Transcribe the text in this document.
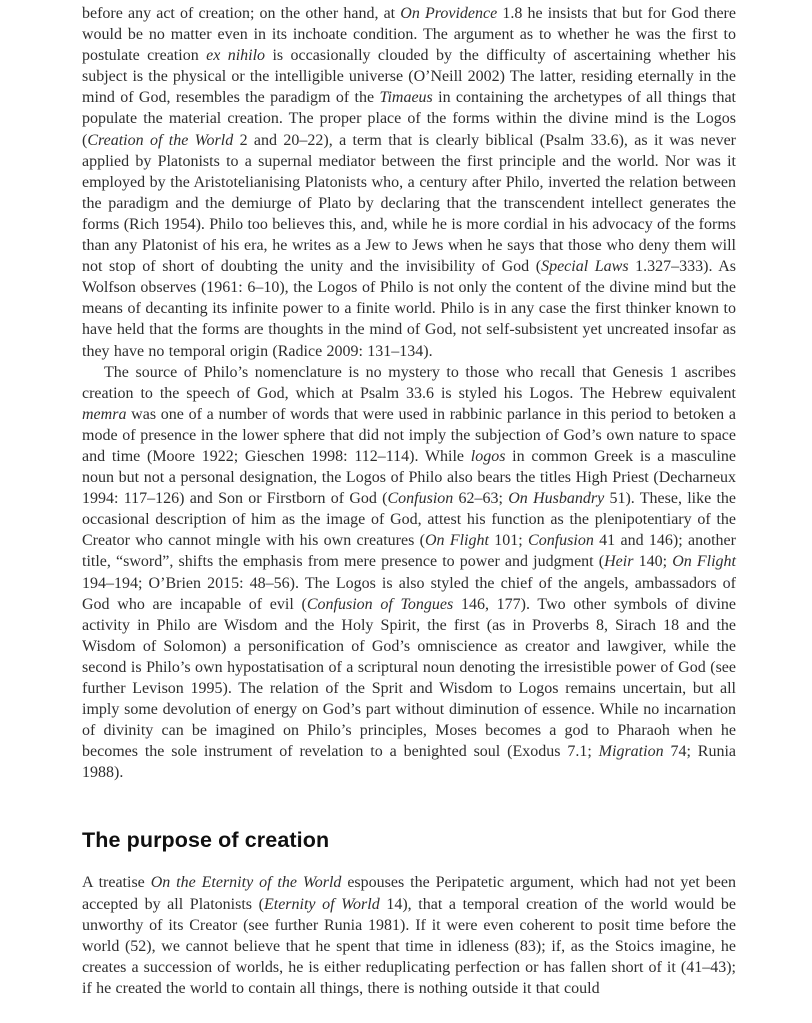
before any act of creation; on the other hand, at On Providence 1.8 he insists that but for God there would be no matter even in its inchoate condition. The argument as to whether he was the first to postulate creation ex nihilo is occasionally clouded by the difficulty of ascertaining whether his subject is the physical or the intelligible universe (O’Neill 2002) The latter, residing eternally in the mind of God, resembles the paradigm of the Timaeus in containing the archetypes of all things that populate the material creation. The proper place of the forms within the divine mind is the Logos (Creation of the World 2 and 20–22), a term that is clearly biblical (Psalm 33.6), as it was never applied by Platonists to a supernal mediator between the first principle and the world. Nor was it employed by the Aristotelianising Platonists who, a century after Philo, inverted the relation between the paradigm and the demiurge of Plato by declaring that the transcendent intellect generates the forms (Rich 1954). Philo too believes this, and, while he is more cordial in his advocacy of the forms than any Platonist of his era, he writes as a Jew to Jews when he says that those who deny them will not stop of short of doubting the unity and the invisibility of God (Special Laws 1.327–333). As Wolfson observes (1961: 6–10), the Logos of Philo is not only the content of the divine mind but the means of decanting its infinite power to a finite world. Philo is in any case the first thinker known to have held that the forms are thoughts in the mind of God, not self-subsistent yet uncreated insofar as they have no temporal origin (Radice 2009: 131–134).

The source of Philo’s nomenclature is no mystery to those who recall that Genesis 1 ascribes creation to the speech of God, which at Psalm 33.6 is styled his Logos. The Hebrew equivalent memra was one of a number of words that were used in rabbinic parlance in this period to betoken a mode of presence in the lower sphere that did not imply the subjection of God’s own nature to space and time (Moore 1922; Gieschen 1998: 112–114). While logos in common Greek is a masculine noun but not a personal designation, the Logos of Philo also bears the titles High Priest (Decharneux 1994: 117–126) and Son or Firstborn of God (Confusion 62–63; On Husbandry 51). These, like the occasional description of him as the image of God, attest his function as the plenipotentiary of the Creator who cannot mingle with his own creatures (On Flight 101; Confusion 41 and 146); another title, “sword”, shifts the emphasis from mere presence to power and judgment (Heir 140; On Flight 194–194; O’Brien 2015: 48–56). The Logos is also styled the chief of the angels, ambassadors of God who are incapable of evil (Confusion of Tongues 146, 177). Two other symbols of divine activity in Philo are Wisdom and the Holy Spirit, the first (as in Proverbs 8, Sirach 18 and the Wisdom of Solomon) a personification of God’s omniscience as creator and lawgiver, while the second is Philo’s own hypostatisation of a scriptural noun denoting the irresistible power of God (see further Levison 1995). The relation of the Sprit and Wisdom to Logos remains uncertain, but all imply some devolution of energy on God’s part without diminution of essence. While no incarnation of divinity can be imagined on Philo’s principles, Moses becomes a god to Pharaoh when he becomes the sole instrument of revelation to a benighted soul (Exodus 7.1; Migration 74; Runia 1988).

The purpose of creation

A treatise On the Eternity of the World espouses the Peripatetic argument, which had not yet been accepted by all Platonists (Eternity of World 14), that a temporal creation of the world would be unworthy of its Creator (see further Runia 1981). If it were even coherent to posit time before the world (52), we cannot believe that he spent that time in idleness (83); if, as the Stoics imagine, he creates a succession of worlds, he is either reduplicating perfection or has fallen short of it (41–43); if he created the world to contain all things, there is nothing outside it that could
